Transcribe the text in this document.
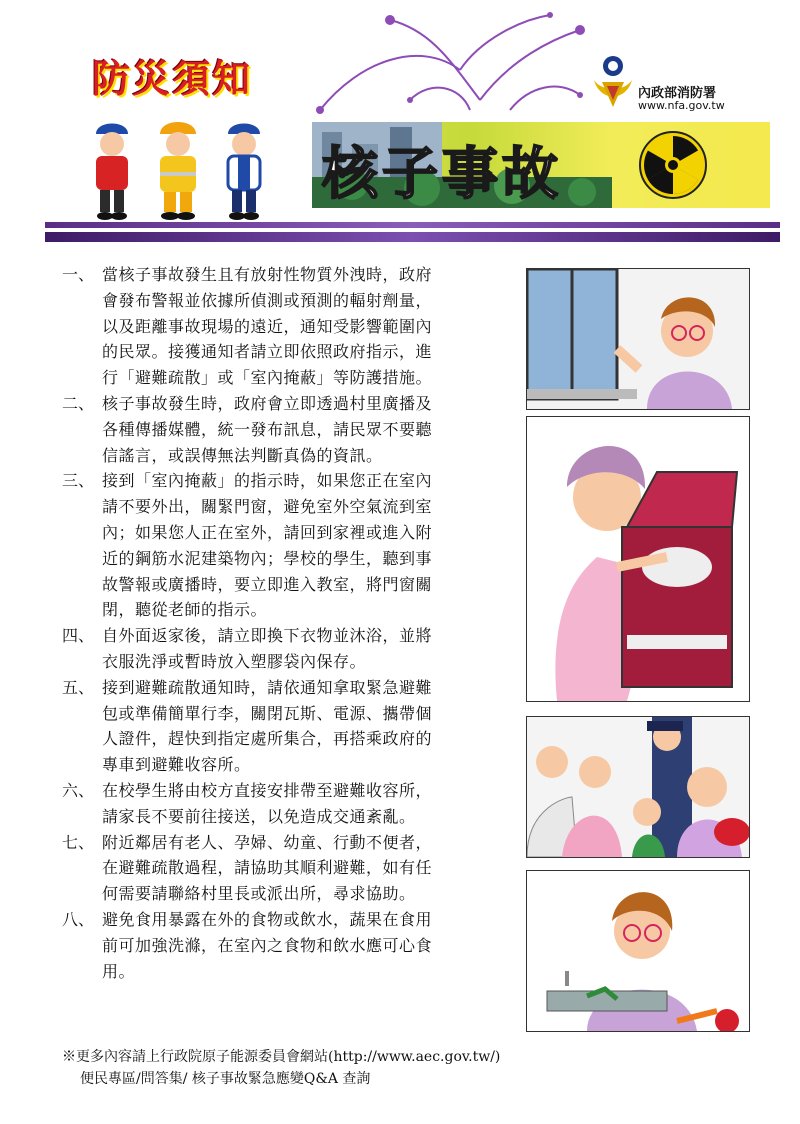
防災須知	內政部消防署
www.nfa.gov.tw
核子事故
一、 當核子事故發生且有放射性物質外洩時，政府
會發布警報並依據所偵測或預測的輻射劑量，
以及距離事故現場的遠近，通知受影響範圍內
的民眾。接獲通知者請立即依照政府指示，進
行「避難疏散」或「室內掩蔽」等防護措施。
二、 核子事故發生時，政府會立即透過村里廣播及
各種傳播媒體，統一發布訊息，請民眾不要聽
信謠言，或誤傳無法判斷真偽的資訊。
三、 接到「室內掩蔽」的指示時，如果您正在室內
請不要外出，關緊門窗，避免室外空氣流到室
內；如果您人正在室外，請回到家裡或進入附
近的鋼筋水泥建築物內；學校的學生，聽到事
故警報或廣播時，要立即進入教室，將門窗關
閉，聽從老師的指示。
四、 自外面返家後，請立即換下衣物並沐浴，並將
衣服洗淨或暫時放入塑膠袋內保存。
五、 接到避難疏散通知時，請依通知拿取緊急避難
包或準備簡單行李，關閉瓦斯、電源、攜帶個
人證件，趕快到指定處所集合，再搭乘政府的
專車到避難收容所。
六、 在校學生將由校方直接安排帶至避難收容所，
請家長不要前往接送，以免造成交通紊亂。
七、 附近鄰居有老人、孕婦、幼童、行動不便者，
在避難疏散過程，請協助其順利避難，如有任
何需要請聯絡村里長或派出所，尋求協助。
八、 避免食用暴露在外的食物或飲水，蔬果在食用
前可加強洗滌，在室內之食物和飲水應可心食
用。
※更多內容請上行政院原子能源委員會網站(http://www.aec.gov.tw/)
便民專區/問答集/ 核子事故緊急應變Q&A 查詢
